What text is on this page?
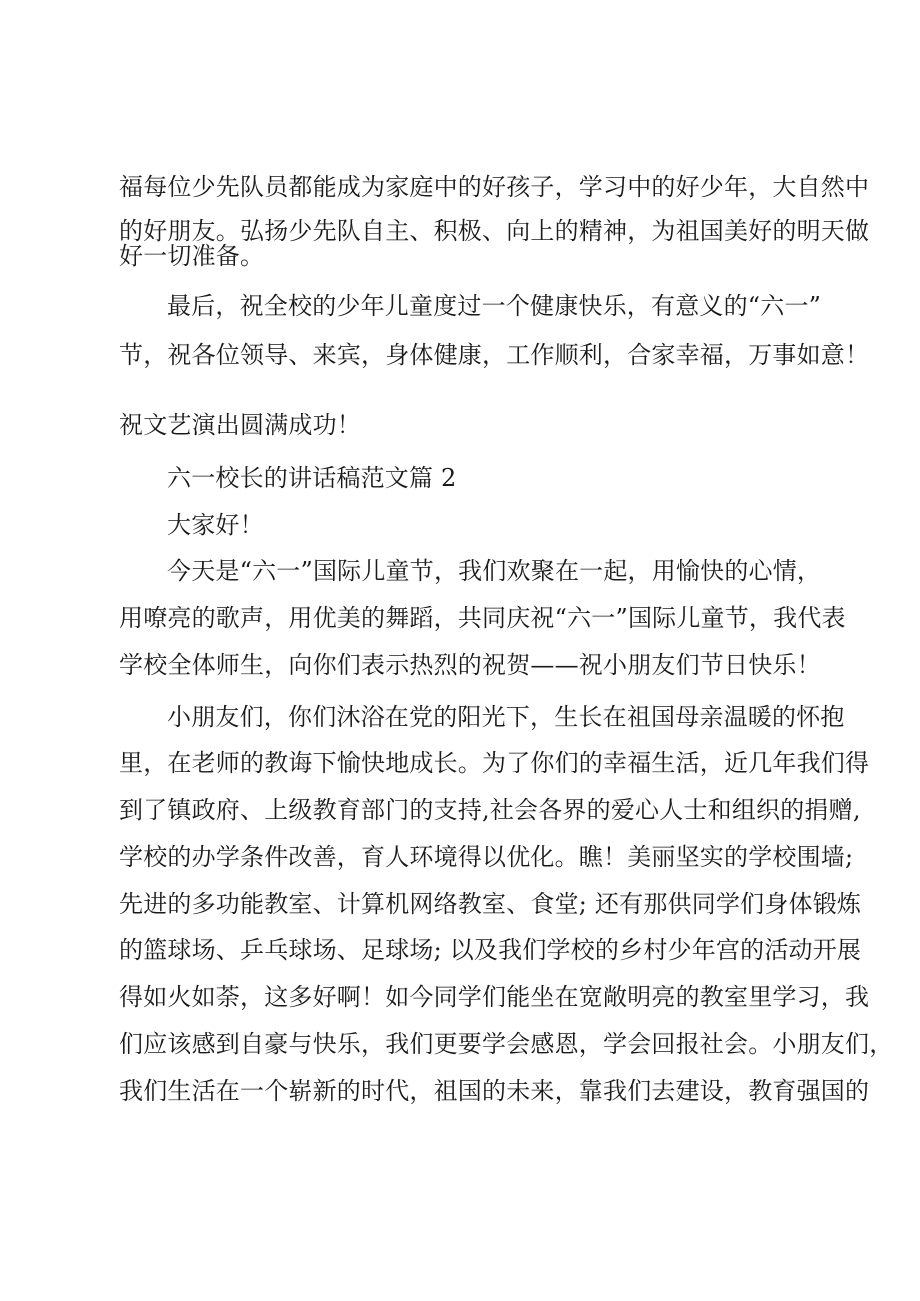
福每位少先队员都能成为家庭中的好孩子，学习中的好少年，大自然中
的好朋友。弘扬少先队自主、积极、向上的精神，为祖国美好的明天做
好一切准备。
最后，祝全校的少年儿童度过一个健康快乐，有意义的“六一”
节，祝各位领导、来宾，身体健康，工作顺利，合家幸福，万事如意！
祝文艺演出圆满成功！
六一校长的讲话稿范文篇 2
大家好！
今天是“六一”国际儿童节，我们欢聚在一起，用愉快的心情，
用嘹亮的歌声，用优美的舞蹈，共同庆祝“六一”国际儿童节，我代表
学校全体师生，向你们表示热烈的祝贺——祝小朋友们节日快乐！
小朋友们，你们沐浴在党的阳光下，生长在祖国母亲温暖的怀抱
里，在老师的教诲下愉快地成长。为了你们的幸福生活，近几年我们得
到了镇政府、上级教育部门的支持,社会各界的爱心人士和组织的捐赠,
学校的办学条件改善，育人环境得以优化。瞧！美丽坚实的学校围墙;
先进的多功能教室、计算机网络教室、食堂; 还有那供同学们身体锻炼
的篮球场、乒乓球场、足球场; 以及我们学校的乡村少年宫的活动开展
得如火如荼，这多好啊！如今同学们能坐在宽敞明亮的教室里学习，我
们应该感到自豪与快乐，我们更要学会感恩，学会回报社会。小朋友们，
我们生活在一个崭新的时代，祖国的未来，靠我们去建设，教育强国的
